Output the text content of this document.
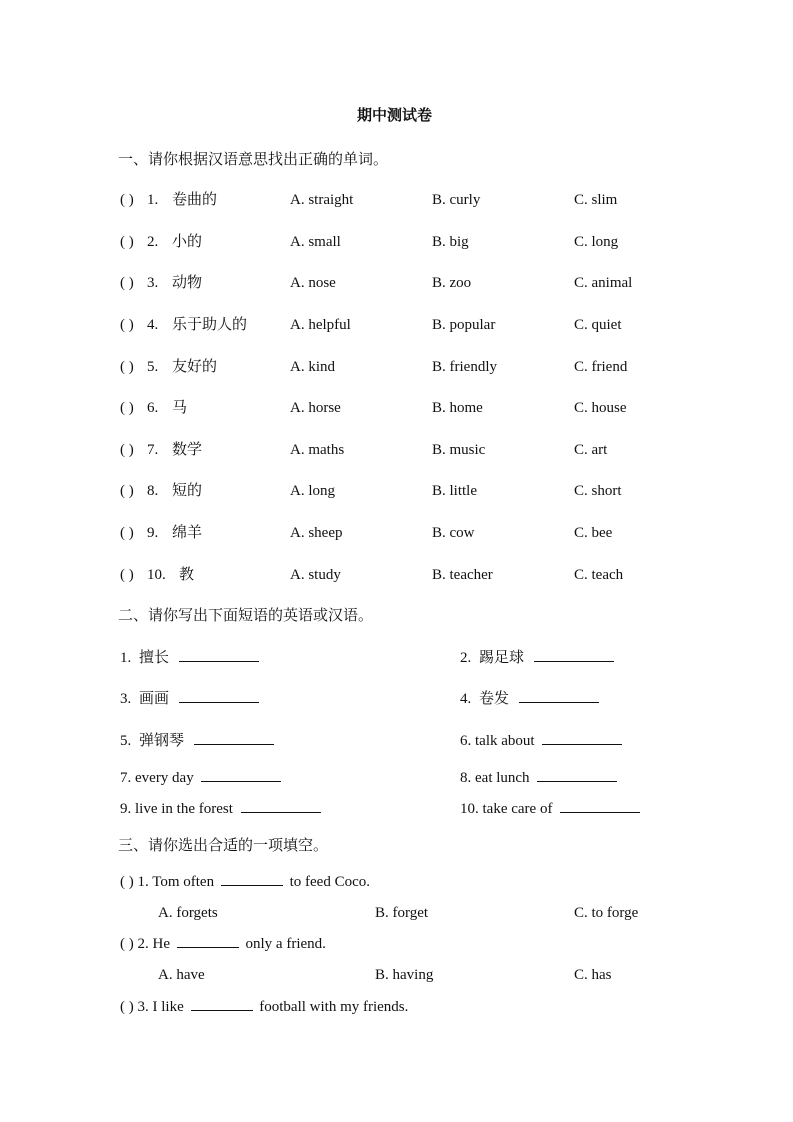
期中测试卷
一、请你根据汉语意思找出正确的单词。
( ) 1. 卷曲的	A. straight	B. curly	C. slim
( ) 2. 小的	A. small	B. big	C. long
( ) 3. 动物	A. nose	B. zoo	C. animal
( ) 4. 乐于助人的	A. helpful	B. popular	C. quiet
( ) 5. 友好的	A. kind	B. friendly	C. friend
( ) 6. 马	A. horse	B. home	C. house
( ) 7. 数学	A. maths	B. music	C. art
( ) 8. 短的	A. long	B. little	C. short
( ) 9. 绵羊	A. sheep	B. cow	C. bee
( ) 10. 教	A. study	B. teacher	C. teach
二、请你写出下面短语的英语或汉语。
1. 擅长	2. 踢足球
3. 画画	4. 卷发
5. 弹钢琴	6. talk about
7. every day	8. eat lunch
9. live in the forest	10. take care of
三、请你选出合适的一项填空。
( ) 1. Tom often	to feed Coco.
A. forgets	B. forget	C. to forge
( ) 2. He	only a friend.
A. have	B. having	C. has
( ) 3. I like	football with my friends.
